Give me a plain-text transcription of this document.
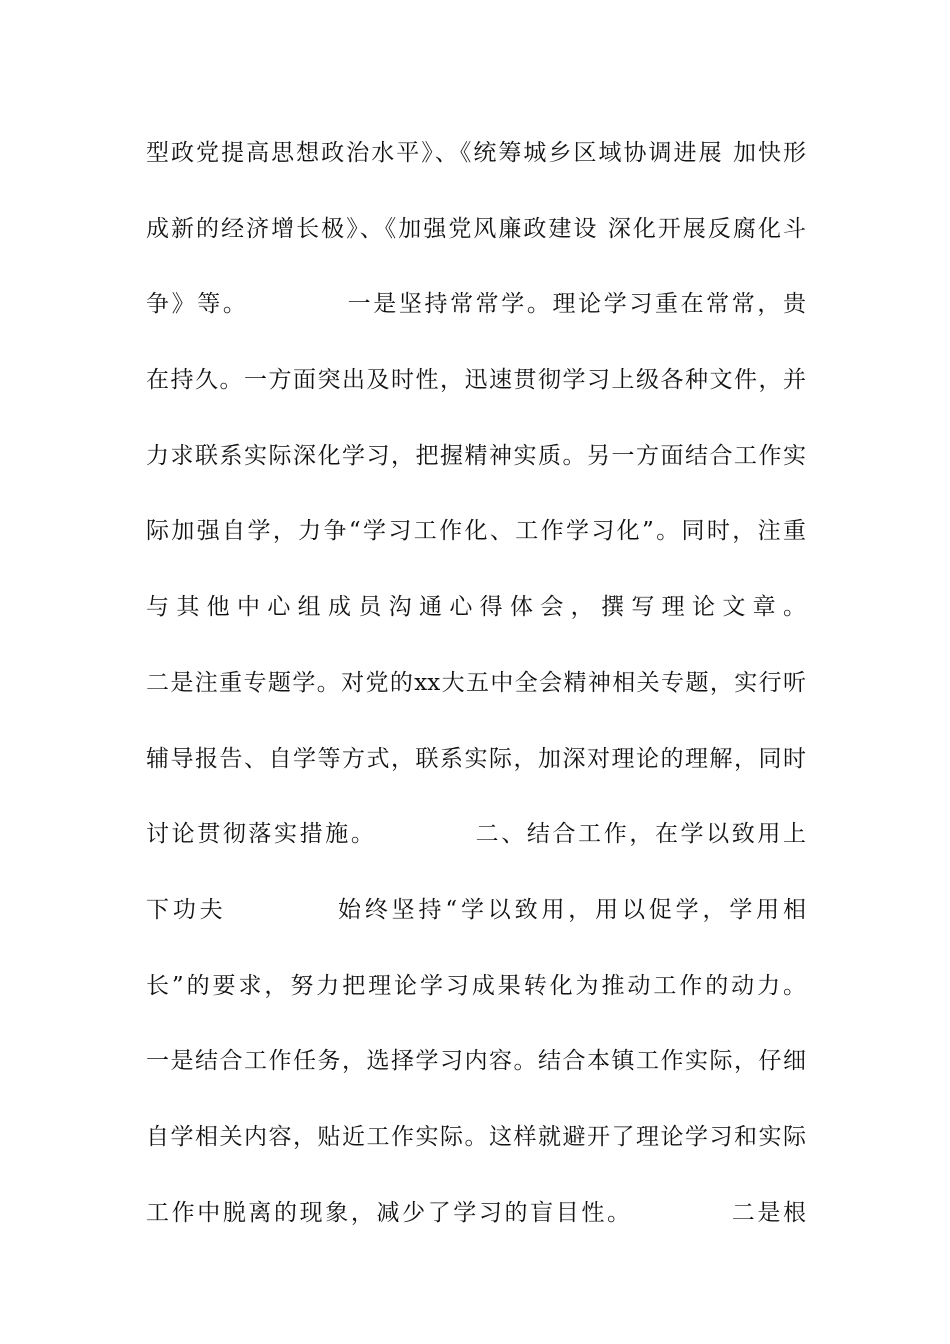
型政党提高思想政治水平》、《统筹城乡区域协调进展 加快形
成新的经济增长极》、《加强党风廉政建设 深化开展反腐化斗
争》等。          一是坚持常常学。理论学习重在常常，贵
在持久。一方面突出及时性，迅速贯彻学习上级各种文件，并
力求联系实际深化学习，把握精神实质。另一方面结合工作实
际加强自学，力争“学习工作化、工作学习化”。同时，注重
与其他中心组成员沟通心得体会，撰写理论文章。
二是注重专题学。对党的xx大五中全会精神相关专题，实行听
辅导报告、自学等方式，联系实际，加深对理论的理解，同时
讨论贯彻落实措施。          二、结合工作，在学以致用上
下功夫          始终坚持“学以致用，用以促学，学用相
长”的要求，努力把理论学习成果转化为推动工作的动力。
一是结合工作任务，选择学习内容。结合本镇工作实际，仔细
自学相关内容，贴近工作实际。这样就避开了理论学习和实际
工作中脱离的现象，减少了学习的盲目性。          二是根
